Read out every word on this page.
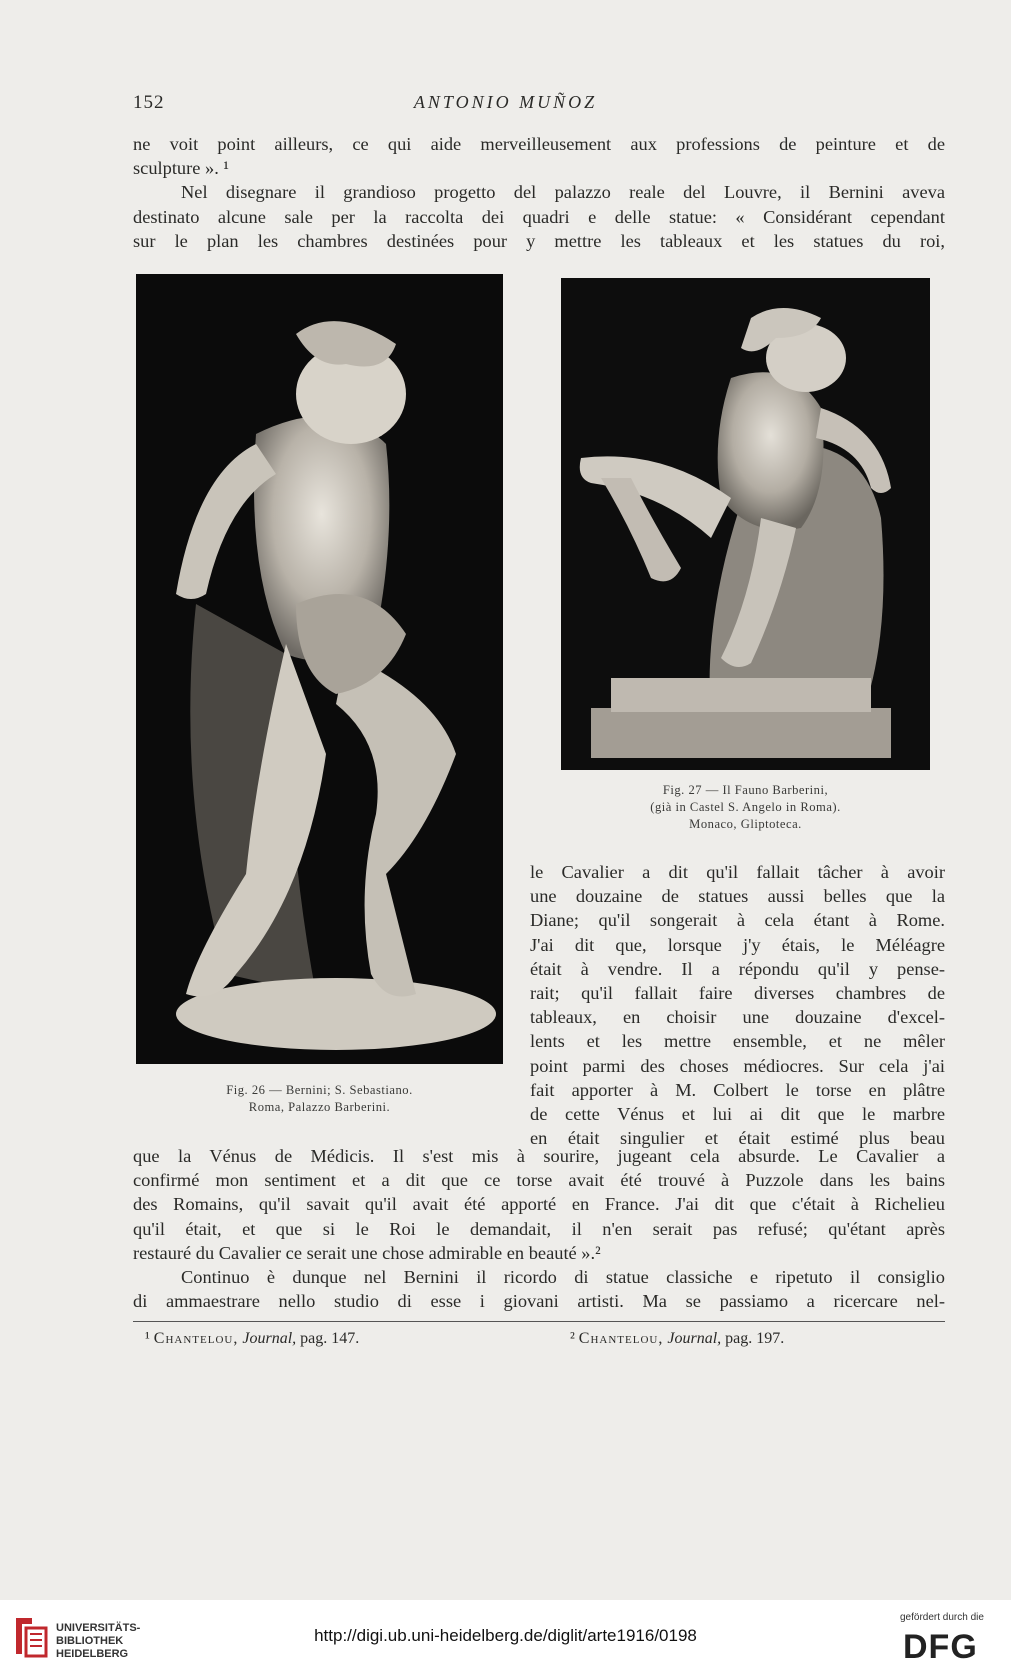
152	ANTONIO MUÑOZ
ne voit point ailleurs, ce qui aide merveilleusement aux professions de peinture et de
sculpture ». ¹
Nel disegnare il grandioso progetto del palazzo reale del Louvre, il Bernini aveva
destinato alcune sale per la raccolta dei quadri e delle statue: « Considérant cependant
sur le plan les chambres destinées pour y mettre les tableaux et les statues du roi,
Fig. 26 — Bernini; S. Sebastiano.
Roma, Palazzo Barberini.
Fig. 27 — Il Fauno Barberini,
(già in Castel S. Angelo in Roma).
Monaco, Gliptoteca.
le Cavalier a dit qu'il fallait tâcher à avoir
une douzaine de statues aussi belles que la
Diane; qu'il songerait à cela étant à Rome.
J'ai dit que, lorsque j'y étais, le Méléagre
était à vendre. Il a répondu qu'il y pense-
rait; qu'il fallait faire diverses chambres de
tableaux, en choisir une douzaine d'excel-
lents et les mettre ensemble, et ne mêler
point parmi des choses médiocres. Sur cela j'ai
fait apporter à M. Colbert le torse en plâtre
de cette Vénus et lui ai dit que le marbre
en était singulier et était estimé plus beau
que la Vénus de Médicis. Il s'est mis à sourire, jugeant cela absurde. Le Cavalier a
confirmé mon sentiment et a dit que ce torse avait été trouvé à Puzzole dans les bains
des Romains, qu'il savait qu'il avait été apporté en France. J'ai dit que c'était à Richelieu
qu'il était, et que si le Roi le demandait, il n'en serait pas refusé; qu'étant après
restauré du Cavalier ce serait une chose admirable en beauté ».²
Continuo è dunque nel Bernini il ricordo di statue classiche e ripetuto il consiglio
di ammaestrare nello studio di esse i giovani artisti. Ma se passiamo a ricercare nel-
¹ Chantelou, Journal, pag. 147.	² Chantelou, Journal, pag. 197.
UNIVERSITÄTS-
BIBLIOTHEK
HEIDELBERG
http://digi.ub.uni-heidelberg.de/diglit/arte1916/0198
gefördert durch die
DFG
